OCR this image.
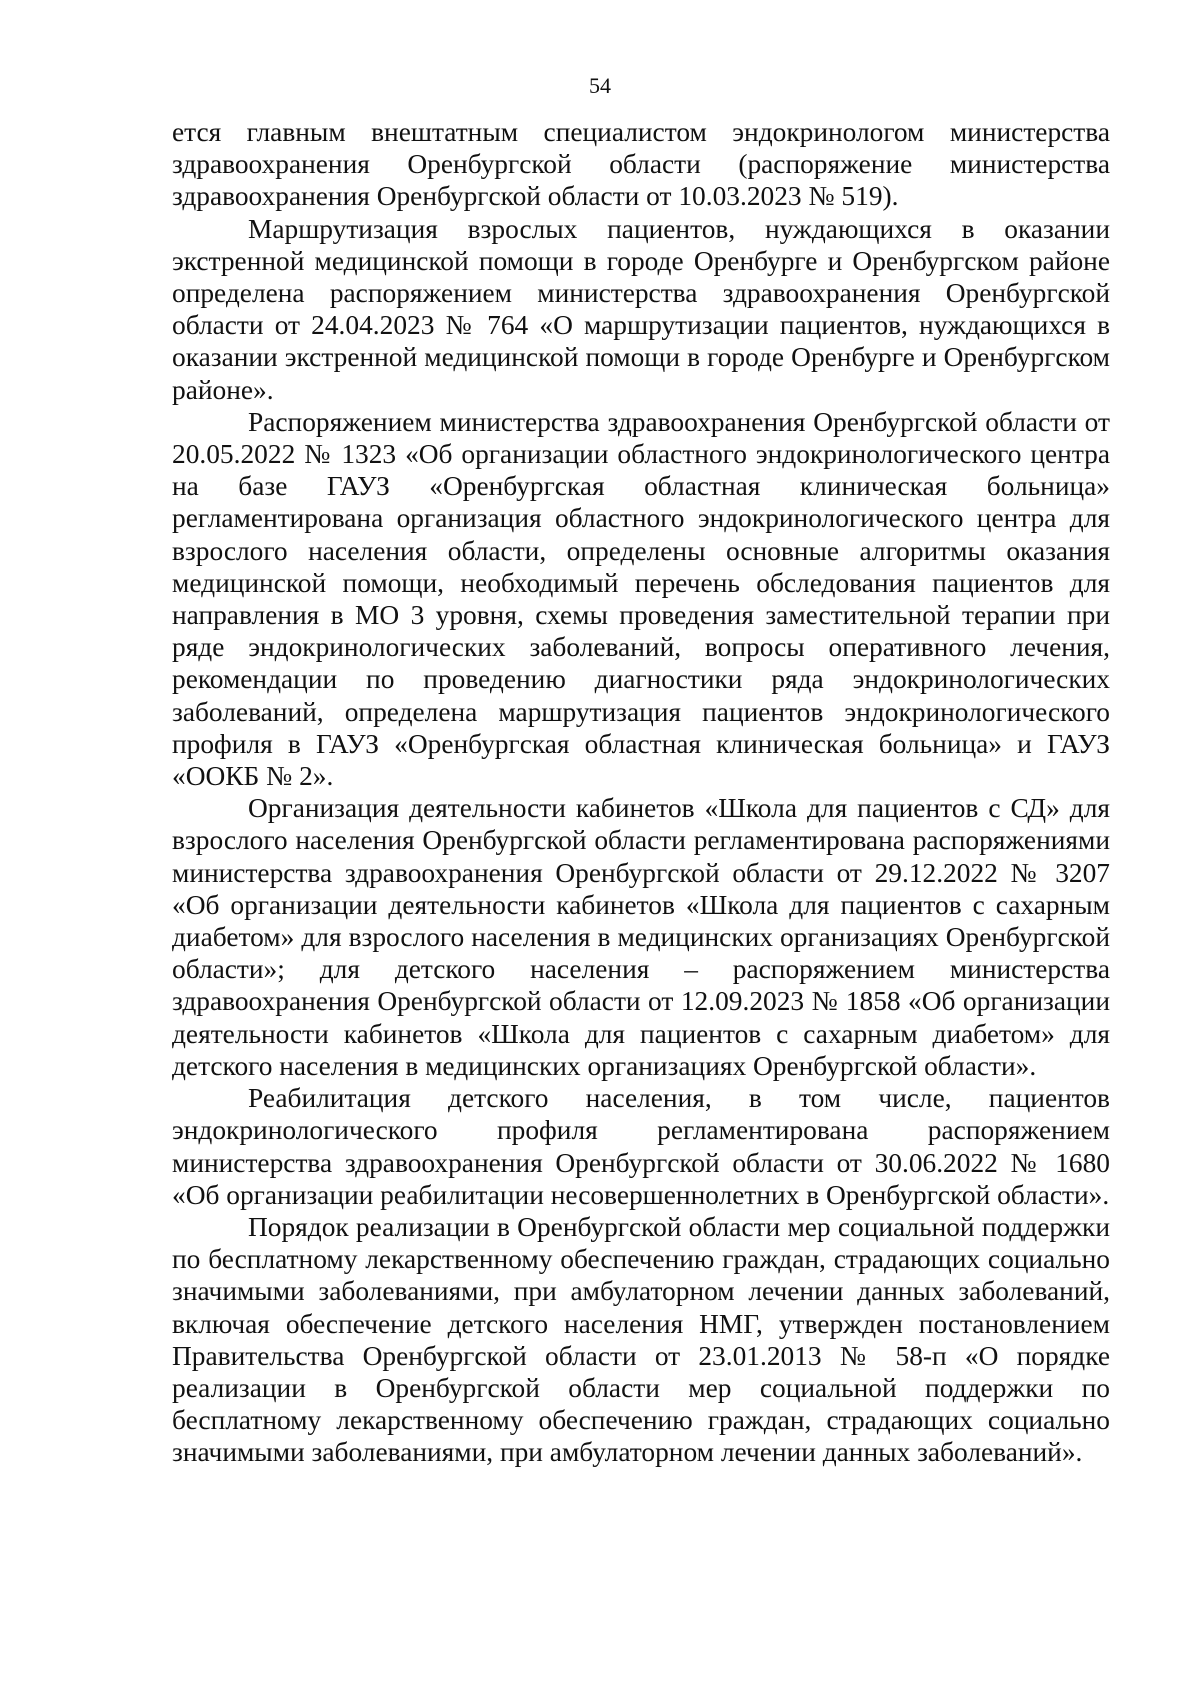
54

ется главным внештатным специалистом эндокринологом министерства здравоохранения Оренбургской области (распоряжение министерства здравоохранения Оренбургской области от 10.03.2023 № 519).

Маршрутизация взрослых пациентов, нуждающихся в оказании экстренной медицинской помощи в городе Оренбурге и Оренбургском районе определена распоряжением министерства здравоохранения Оренбургской области от 24.04.2023 № 764 «О маршрутизации пациентов, нуждающихся в оказании экстренной медицинской помощи в городе Оренбурге и Оренбургском районе».

Распоряжением министерства здравоохранения Оренбургской области от 20.05.2022 № 1323 «Об организации областного эндокринологического центра на базе ГАУЗ «Оренбургская областная клиническая больница» регламентирована организация областного эндокринологического центра для взрослого населения области, определены основные алгоритмы оказания медицинской помощи, необходимый перечень обследования пациентов для направления в МО 3 уровня, схемы проведения заместительной терапии при ряде эндокринологических заболеваний, вопросы оперативного лечения, рекомендации по проведению диагностики ряда эндокринологических заболеваний, определена маршрутизация пациентов эндокринологического профиля в ГАУЗ «Оренбургская областная клиническая больница» и ГАУЗ «ООКБ № 2».

Организация деятельности кабинетов «Школа для пациентов с СД» для взрослого населения Оренбургской области регламентирована распоряжениями министерства здравоохранения Оренбургской области от 29.12.2022 № 3207 «Об организации деятельности кабинетов «Школа для пациентов с сахарным диабетом» для взрослого населения в медицинских организациях Оренбургской области»; для детского населения – распоряжением министерства здравоохранения Оренбургской области от 12.09.2023 № 1858 «Об организации деятельности кабинетов «Школа для пациентов с сахарным диабетом» для детского населения в медицинских организациях Оренбургской области».

Реабилитация детского населения, в том числе, пациентов эндокринологического профиля регламентирована распоряжением министерства здравоохранения Оренбургской области от 30.06.2022 № 1680 «Об организации реабилитации несовершеннолетних в Оренбургской области».

Порядок реализации в Оренбургской области мер социальной поддержки по бесплатному лекарственному обеспечению граждан, страдающих социально значимыми заболеваниями, при амбулаторном лечении данных заболеваний, включая обеспечение детского населения НМГ, утвержден постановлением Правительства Оренбургской области от 23.01.2013 № 58-п «О порядке реализации в Оренбургской области мер социальной поддержки по бесплатному лекарственному обеспечению граждан, страдающих социально значимыми заболеваниями, при амбулаторном лечении данных заболеваний».
